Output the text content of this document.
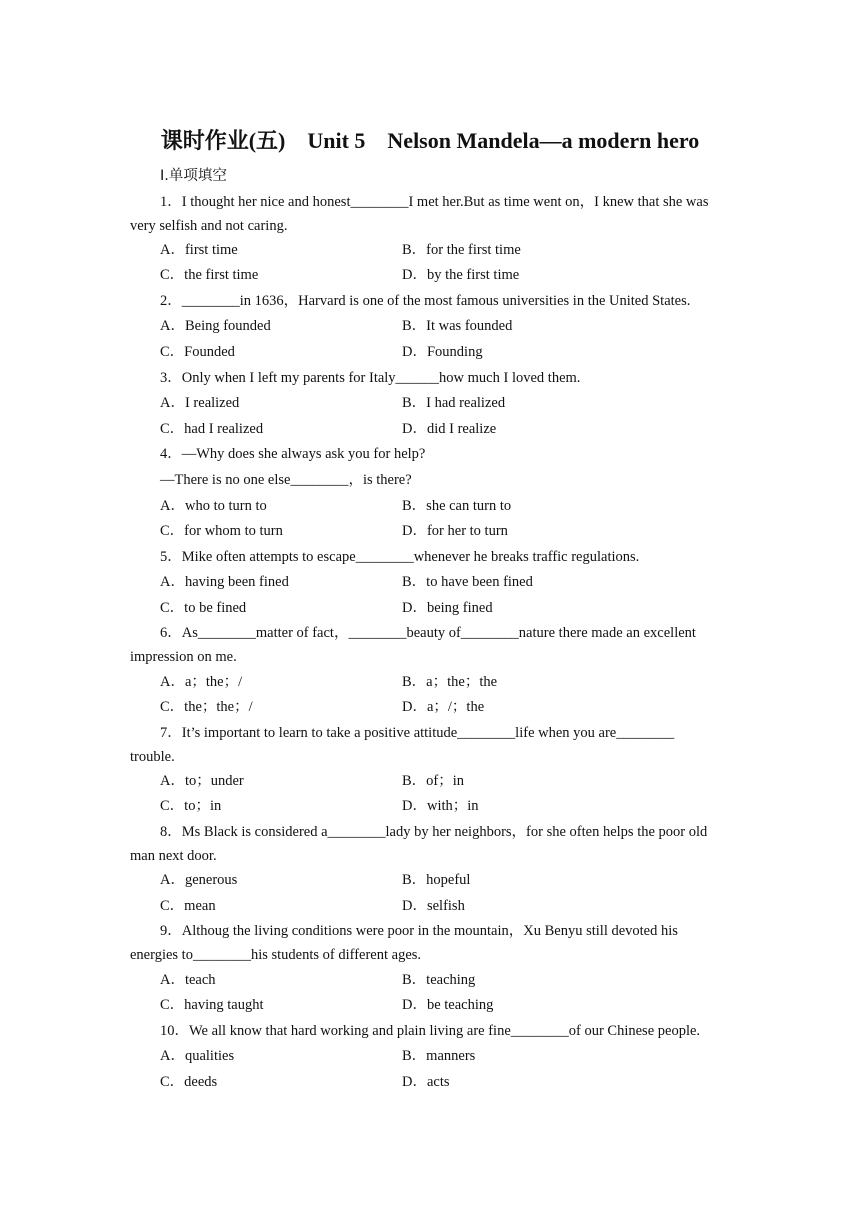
课时作业(五)    Unit 5    Nelson Mandela—a modern hero
Ⅰ.单项填空
1．I thought her nice and honest________I met her.But as time went on，I knew that she was
very selfish and not caring.
A．first time	B．for the first time
C．the first time	D．by the first time
2．________in 1636，Harvard is one of the most famous universities in the United States.
A．Being founded	B．It was founded
C．Founded	D．Founding
3．Only when I left my parents for Italy______how much I loved them.
A．I realized	B．I had realized
C．had I realized	D．did I realize
4．—Why does she always ask you for help?
—There is no one else________，is there?
A．who to turn to	B．she can turn to
C．for whom to turn	D．for her to turn
5．Mike often attempts to escape________whenever he breaks traffic regulations.
A．having been fined	B．to have been fined
C．to be fined	D．being fined
6．As________matter of fact，________beauty of________nature there made an excellent
impression on me.
A．a；the；/	B．a；the；the
C．the；the；/	D．a；/；the
7．It’s important to learn to take a positive attitude________life when you are________
trouble.
A．to；under	B．of；in
C．to；in	D．with；in
8．Ms Black is considered a________lady by her neighbors，for she often helps the poor old
man next door.
A．generous	B．hopeful
C．mean	D．selfish
9．Althoug the living conditions were poor in the mountain，Xu Benyu still devoted his
energies to________his students of different ages.
A．teach	B．teaching
C．having taught	D．be teaching
10．We all know that hard working and plain living are fine________of our Chinese people.
A．qualities	B．manners
C．deeds	D．acts
